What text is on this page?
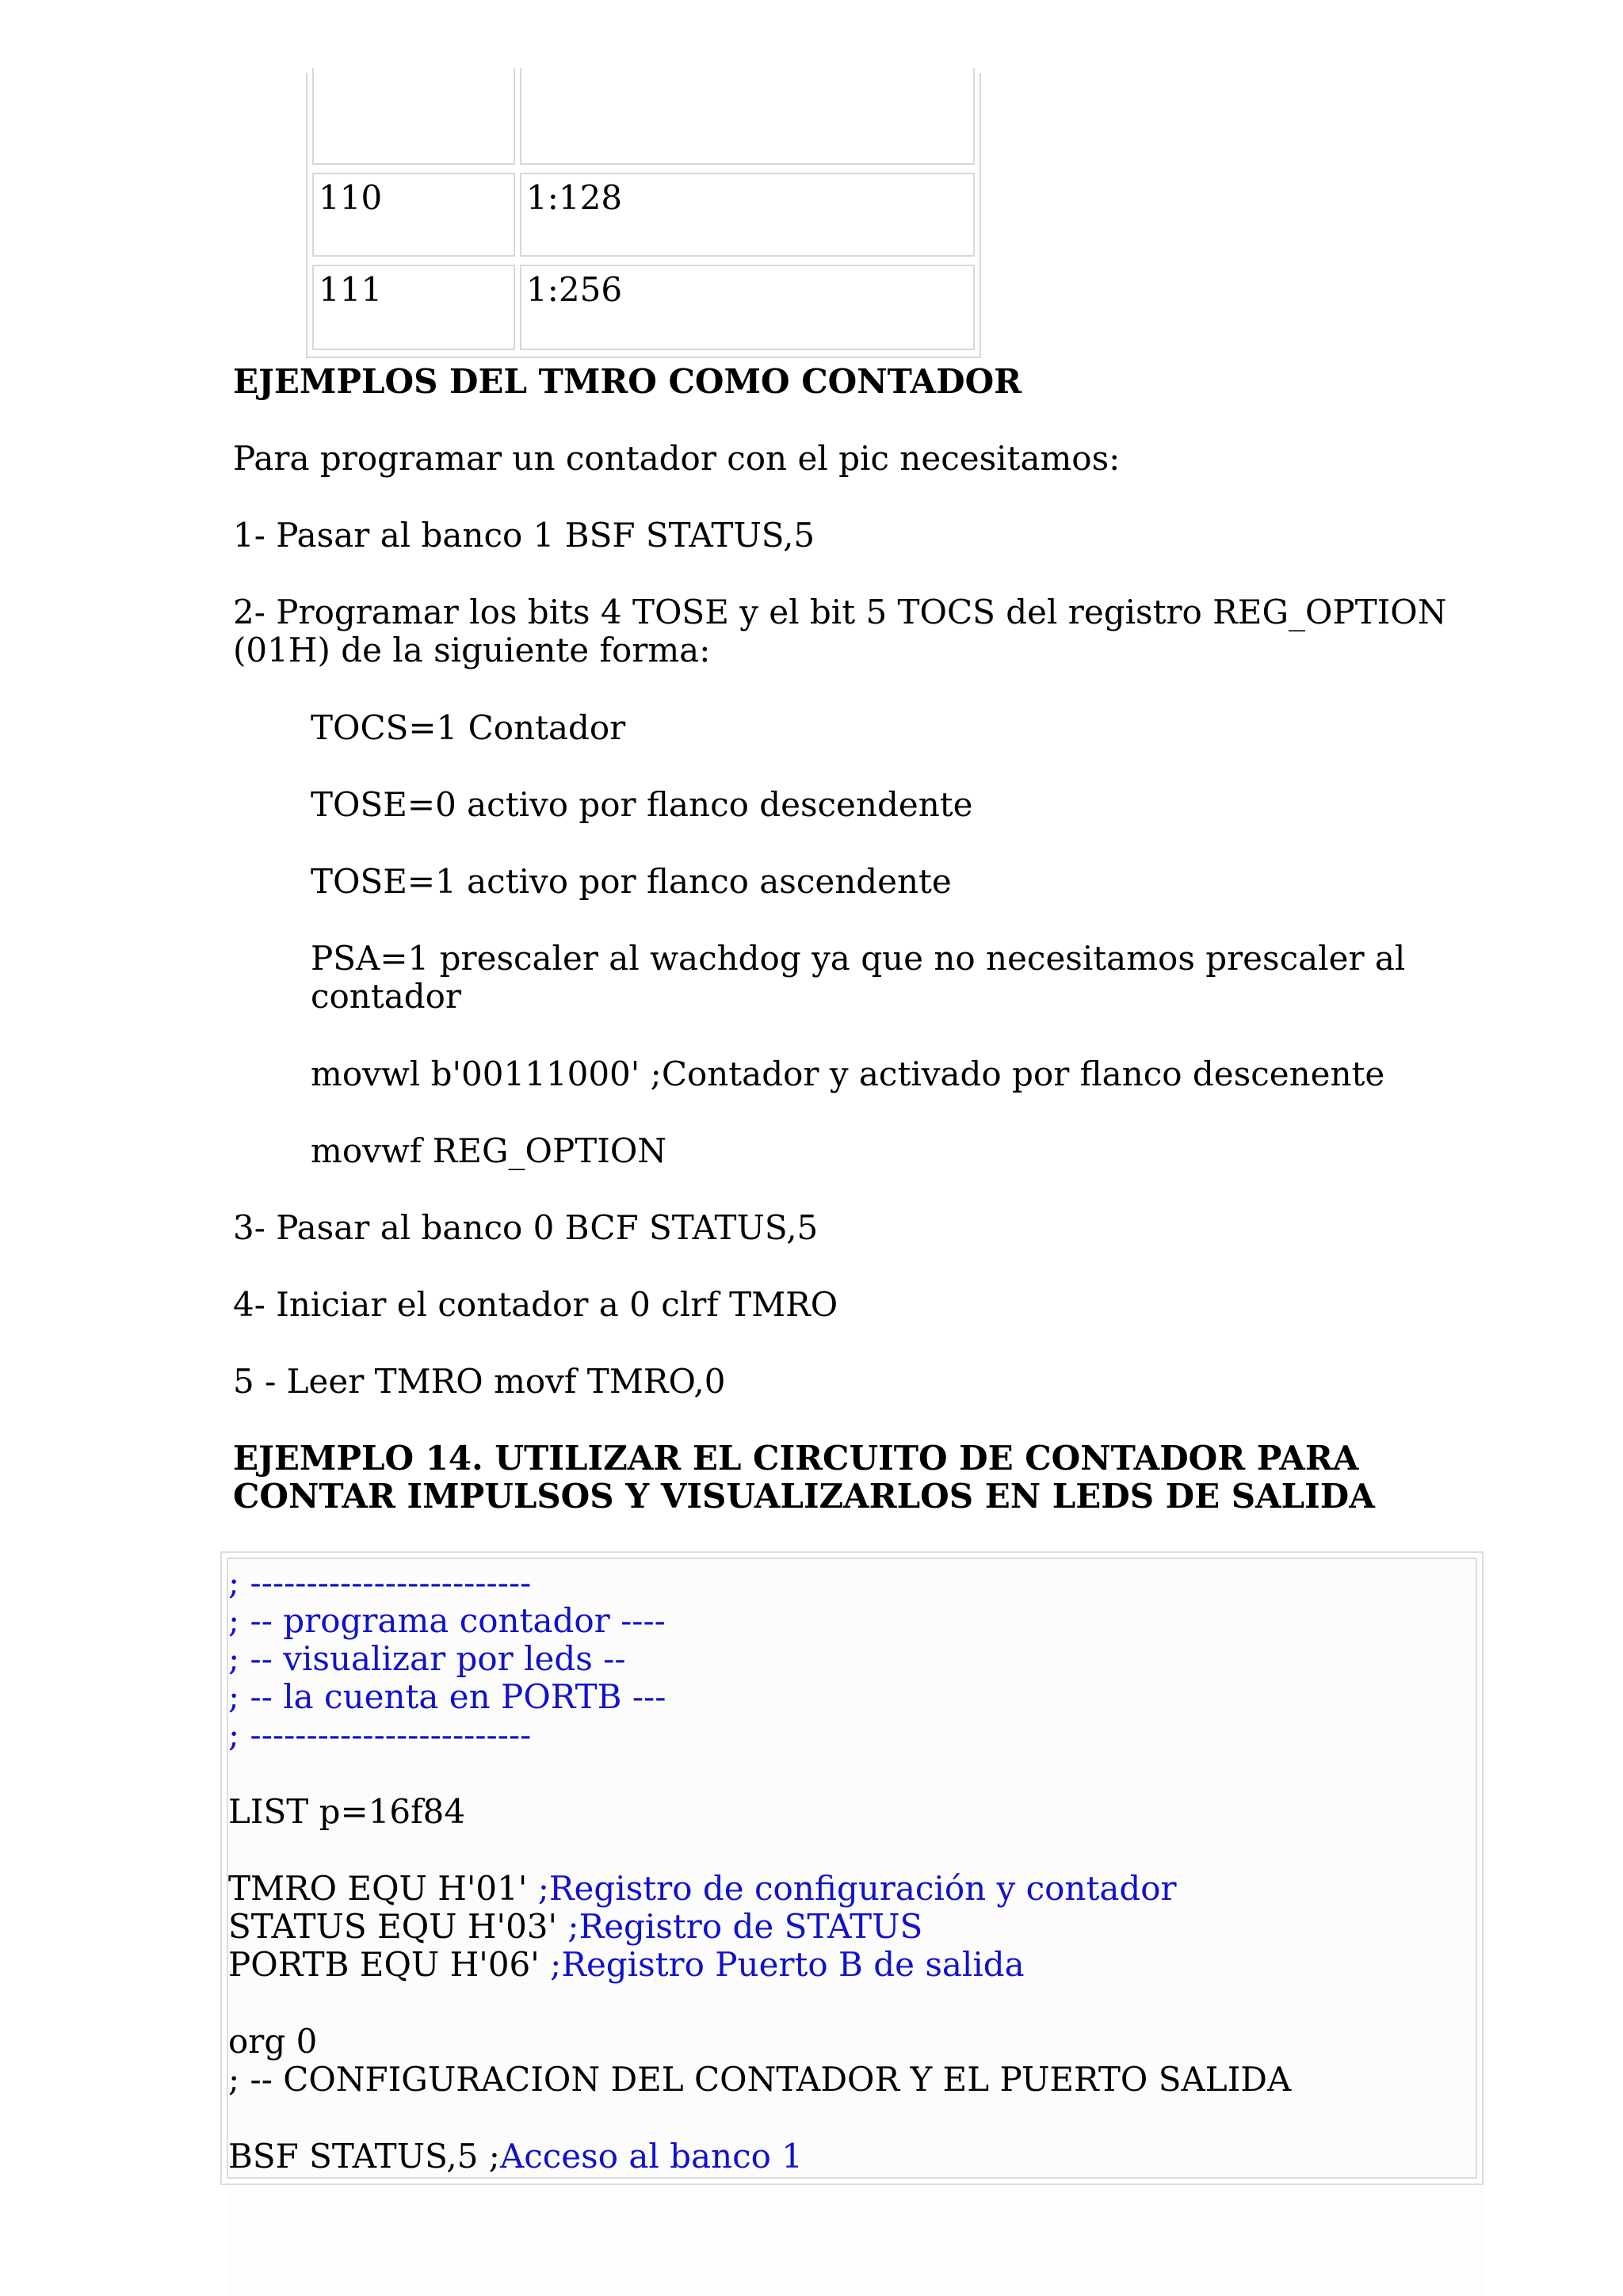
110	1:128
111	1:256

EJEMPLOS DEL TMRO COMO CONTADOR

Para programar un contador con el pic necesitamos:

1- Pasar al banco 1 BSF STATUS,5

2- Programar los bits 4 TOSE y el bit 5 TOCS del registro REG_OPTION (01H) de la siguiente forma:

TOCS=1 Contador

TOSE=0 activo por flanco descendente

TOSE=1 activo por flanco ascendente

PSA=1 prescaler al wachdog ya que no necesitamos prescaler al contador

movwl b'00111000' ;Contador y activado por flanco descenente

movwf REG_OPTION

3- Pasar al banco 0 BCF STATUS,5

4- Iniciar el contador a 0 clrf TMRO

5 - Leer TMRO movf TMRO,0

EJEMPLO 14. UTILIZAR EL CIRCUITO DE CONTADOR PARA CONTAR IMPULSOS Y VISUALIZARLOS EN LEDS DE SALIDA

; -------------------------
; -- programa contador ----
; -- visualizar por leds --
; -- la cuenta en PORTB ---
; -------------------------
LIST p=16f84
TMRO EQU H'01' ;Registro de configuración y contador
STATUS EQU H'03' ;Registro de STATUS
PORTB EQU H'06' ;Registro Puerto B de salida
org 0
; -- CONFIGURACION DEL CONTADOR Y EL PUERTO SALIDA
BSF STATUS,5 ;Acceso al banco 1
